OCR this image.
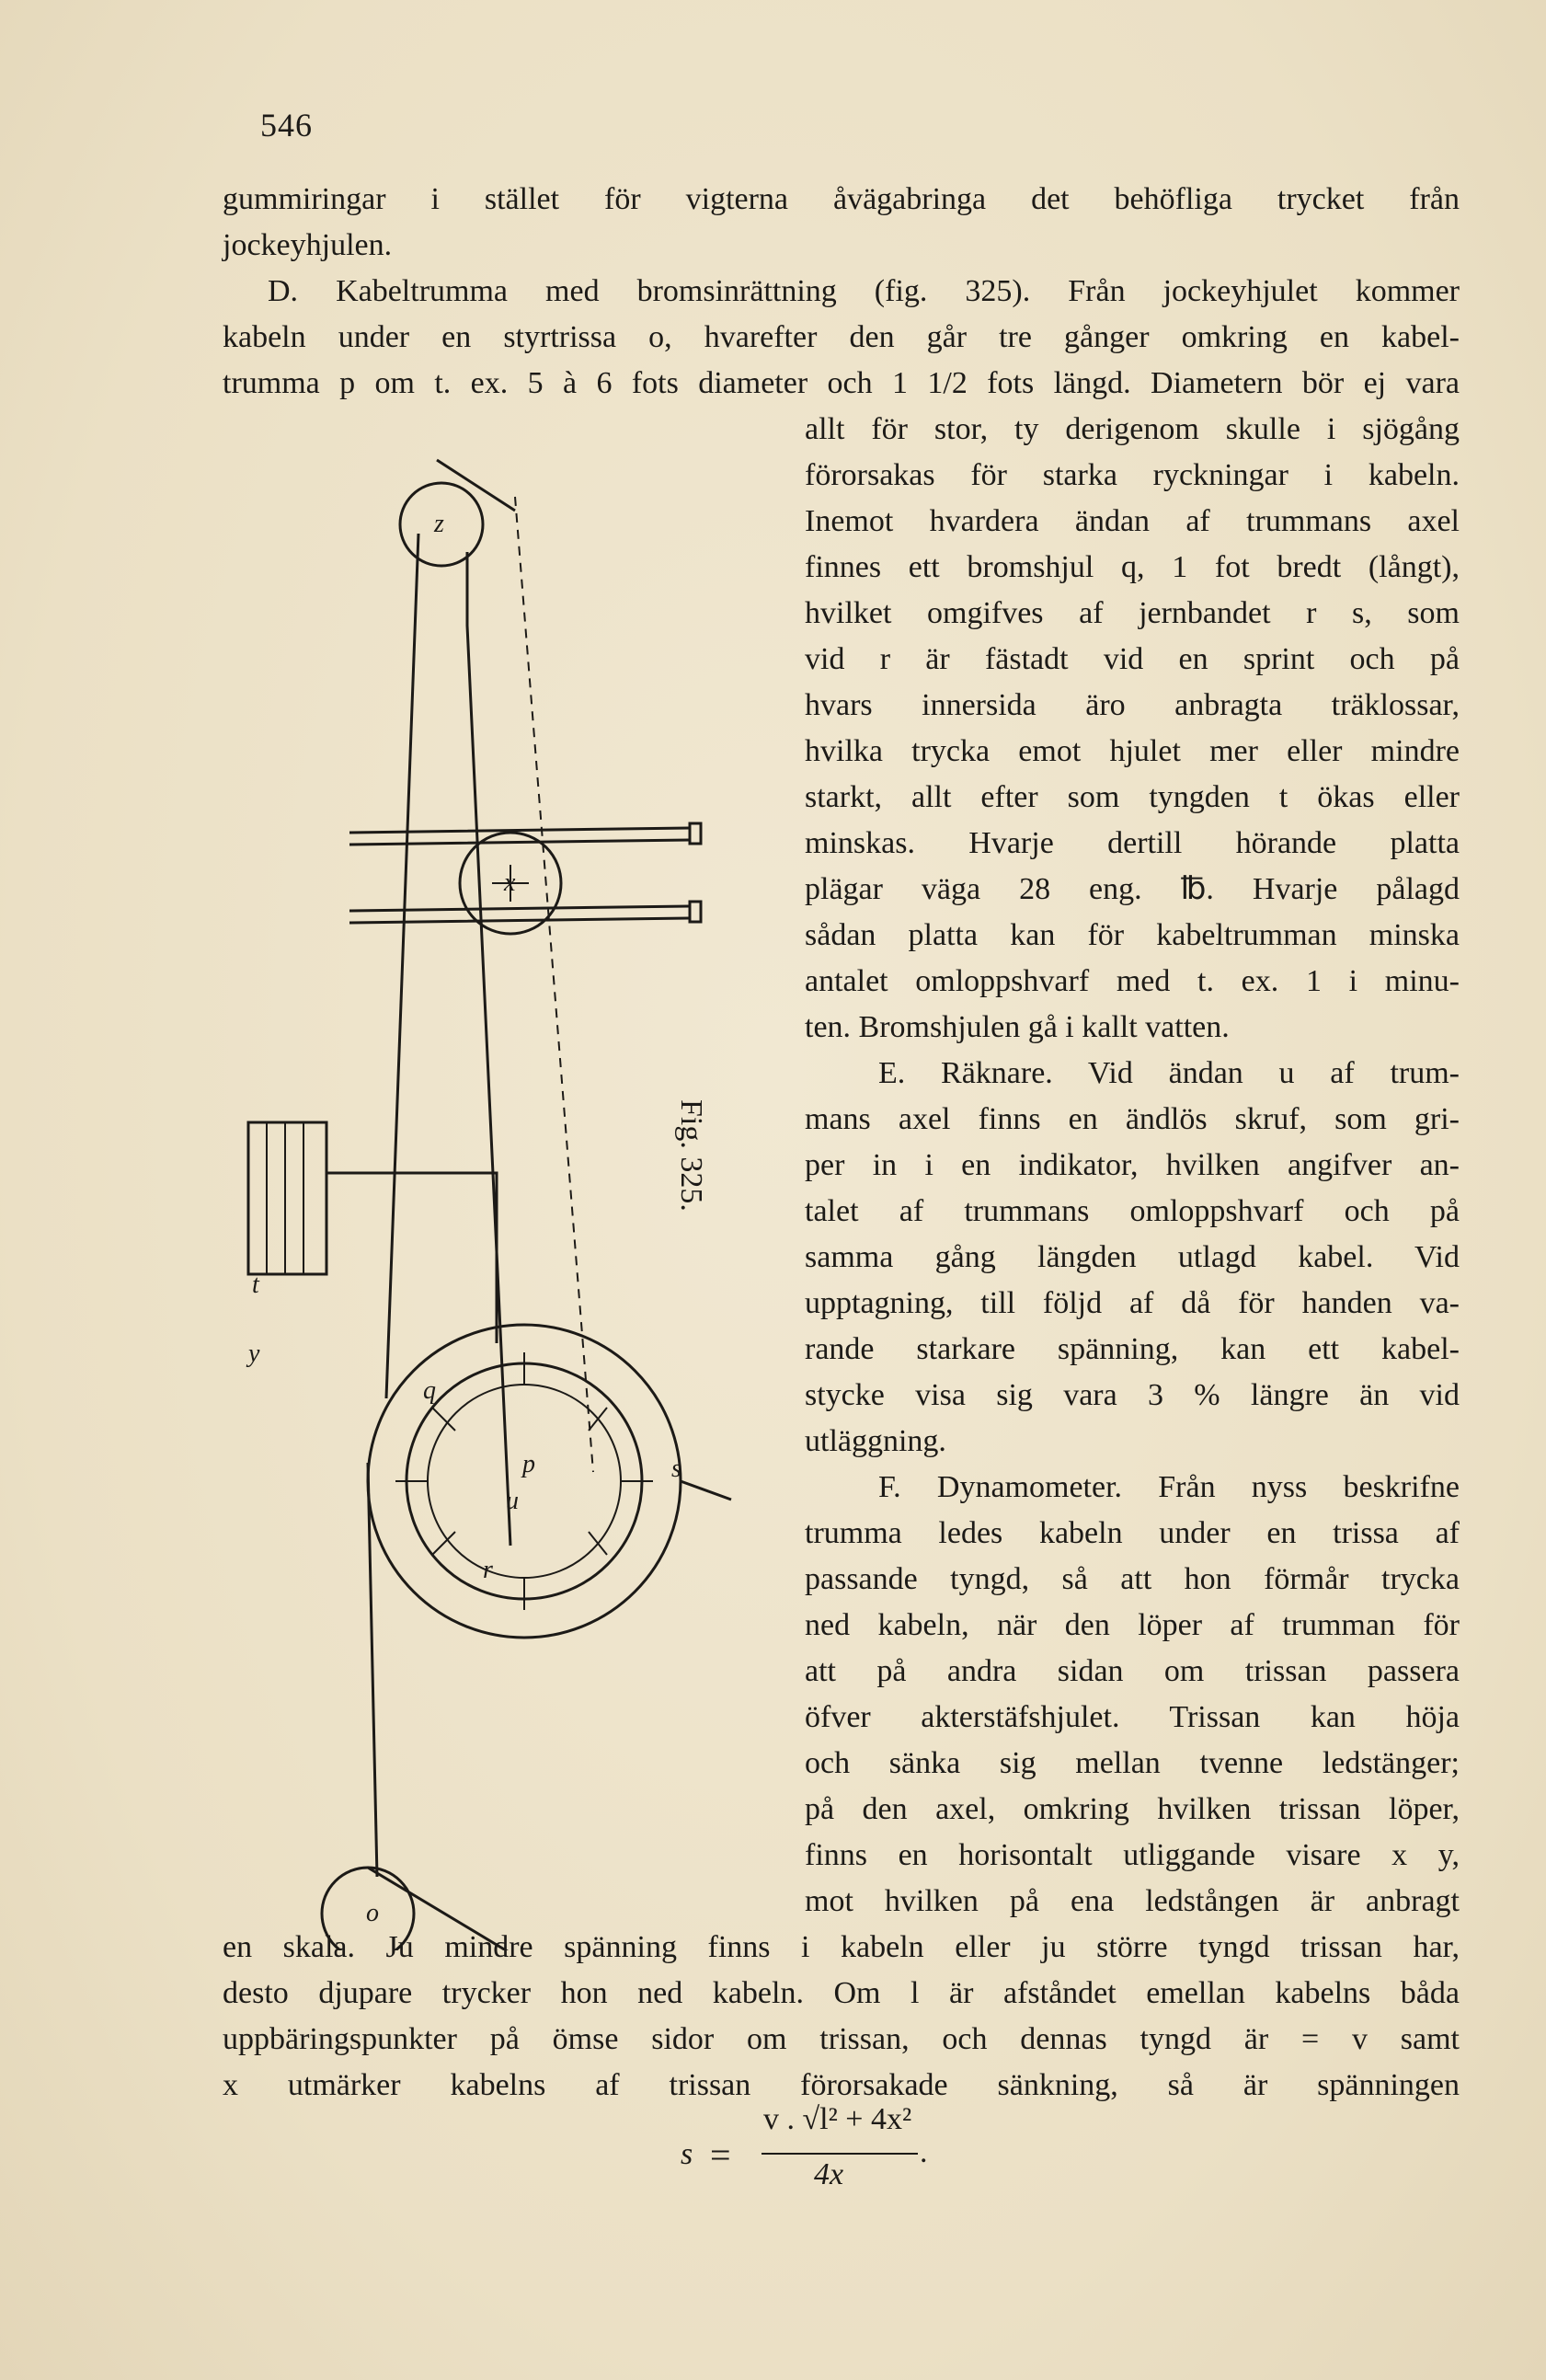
546
gummiringar i stället för vigterna åvägabringa det behöfliga trycket från
jockeyhjulen.
D. Kabeltrumma med bromsinrättning (fig. 325). Från jockeyhjulet kommer
kabeln under en styrtrissa o, hvarefter den går tre gånger omkring en kabel-
trumma p om t. ex. 5 à 6 fots diameter och 1 1/2 fots längd. Diametern bör ej vara
allt för stor, ty derigenom skulle i sjögång
förorsakas för starka ryckningar i kabeln.
Inemot hvardera ändan af trummans axel
finnes ett bromshjul q, 1 fot bredt (långt),
hvilket omgifves af jernbandet r s, som
vid r är fästadt vid en sprint och på
hvars innersida äro anbragta träklossar,
hvilka trycka emot hjulet mer eller mindre
starkt, allt efter som tyngden t ökas eller
minskas. Hvarje dertill hörande platta
plägar väga 28 eng. ℔. Hvarje pålagd
sådan platta kan för kabeltrumman minska
antalet omloppshvarf med t. ex. 1 i minu-
ten. Bromshjulen gå i kallt vatten.
E. Räknare. Vid ändan u af trum-
mans axel finns en ändlös skruf, som gri-
per in i en indikator, hvilken angifver an-
talet af trummans omloppshvarf och på
samma gång längden utlagd kabel. Vid
upptagning, till följd af då för handen va-
rande starkare spänning, kan ett kabel-
stycke visa sig vara 3 % längre än vid
utläggning.
F. Dynamometer. Från nyss beskrifne
trumma ledes kabeln under en trissa af
passande tyngd, så att hon förmår trycka
ned kabeln, när den löper af trumman för
att på andra sidan om trissan passera
öfver akterstäfshjulet. Trissan kan höja
och sänka sig mellan tvenne ledstänger;
på den axel, omkring hvilken trissan löper,
finns en horisontalt utliggande visare x y,
mot hvilken på ena ledstången är anbragt
en skala. Ju mindre spänning finns i kabeln eller ju större tyngd trissan har,
desto djupare trycker hon ned kabeln. Om l är afståndet emellan kabelns båda
uppbäringspunkter på ömse sidor om trissan, och dennas tyngd är = v samt
x utmärker kabelns af trissan förorsakade sänkning, så är spänningen
s =
v . √l² + 4x²
4x
.
z
x
t
y
p
u
o
q
r
s
Fig. 325.
